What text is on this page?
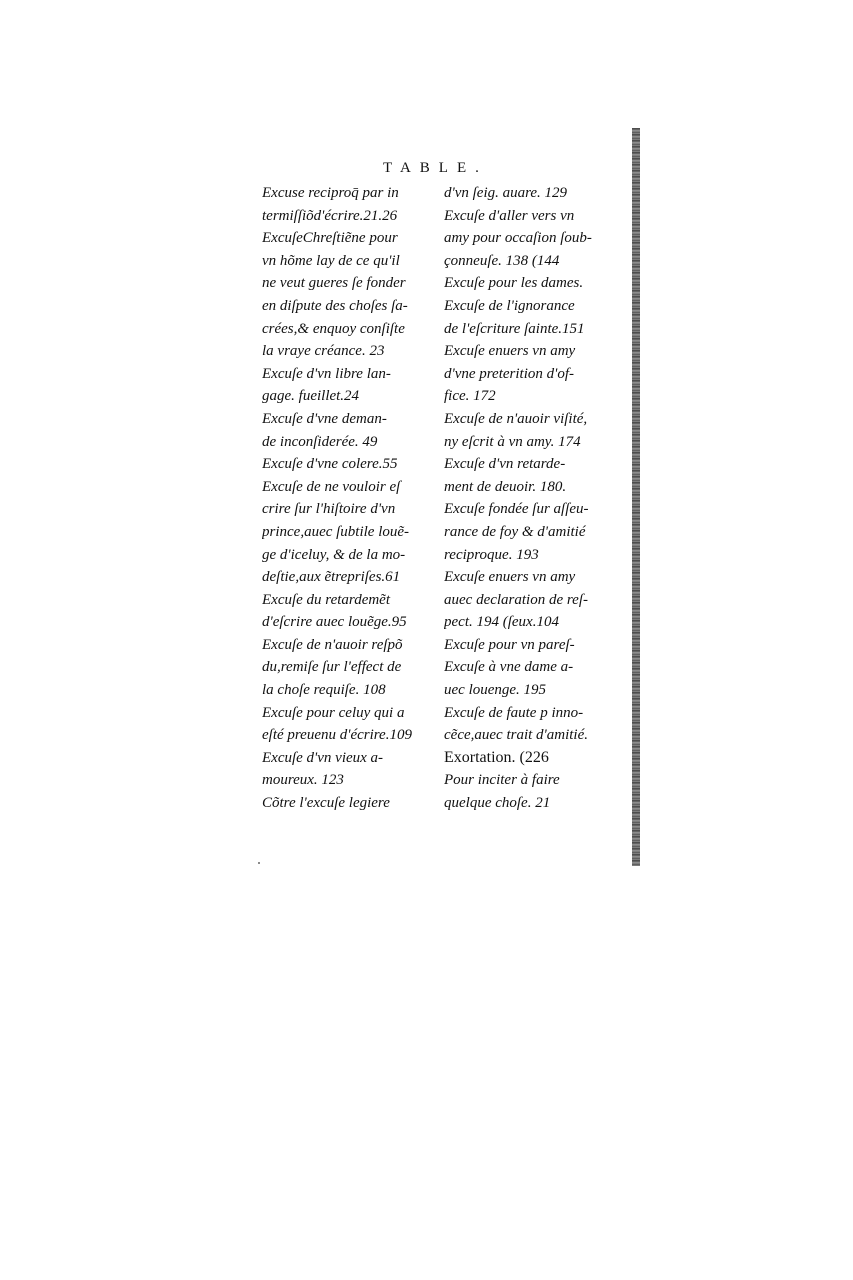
TABLE.
Excuse reciproq̄ par in
termiſſiõd'écrire.21.26
ExcuſeChreſtiẽne pour
vn hõme lay de ce qu'il
ne veut gueres ſe fonder
en diſpute des choſes ſa-
crées,& enquoy conſiſte
la vraye créance. 23
Excuſe d'vn libre lan-
gage. fueillet.24
Excuſe d'vne deman-
de inconſiderée. 49
Excuſe d'vne colere.55
Excuſe de ne vouloir eſ
crire ſur l'hiſtoire d'vn
prince,auec ſubtile louẽ-
ge d'iceluy, & de la mo-
deſtie,aux ẽtrepriſes.61
Excuſe du retardemẽt
d'eſcrire auec louẽge.95
Excuſe de n'auoir reſpõ
du,remiſe ſur l'effect de
la choſe requiſe. 108
Excuſe pour celuy qui a
eſté preuenu d'écrire.109
Excuſe d'vn vieux a-
moureux. 123
Cõtre l'excuſe legiere
d'vn ſeig. auare. 129
Excuſe d'aller vers vn
amy pour occaſion ſoub-
çonneuſe. 138 (144
Excuſe pour les dames.
Excuſe de l'ignorance
de l'eſcriture ſainte.151
Excuſe enuers vn amy
d'vne preterition d'of-
fice. 172
Excuſe de n'auoir viſité,
ny eſcrit à vn amy. 174
Excuſe d'vn retarde-
ment de deuoir. 180.
Excuſe fondée ſur aſſeu-
rance de foy & d'amitié
reciproque. 193
Excuſe enuers vn amy
auec declaration de reſ-
pect. 194 (ſeux.104
Excuſe pour vn pareſ-
Excuſe à vne dame a-
uec louenge. 195
Excuſe de faute p inno-
cẽce,auec trait d'amitié.
Exortation. (226
Pour inciter à faire
quelque choſe. 21
